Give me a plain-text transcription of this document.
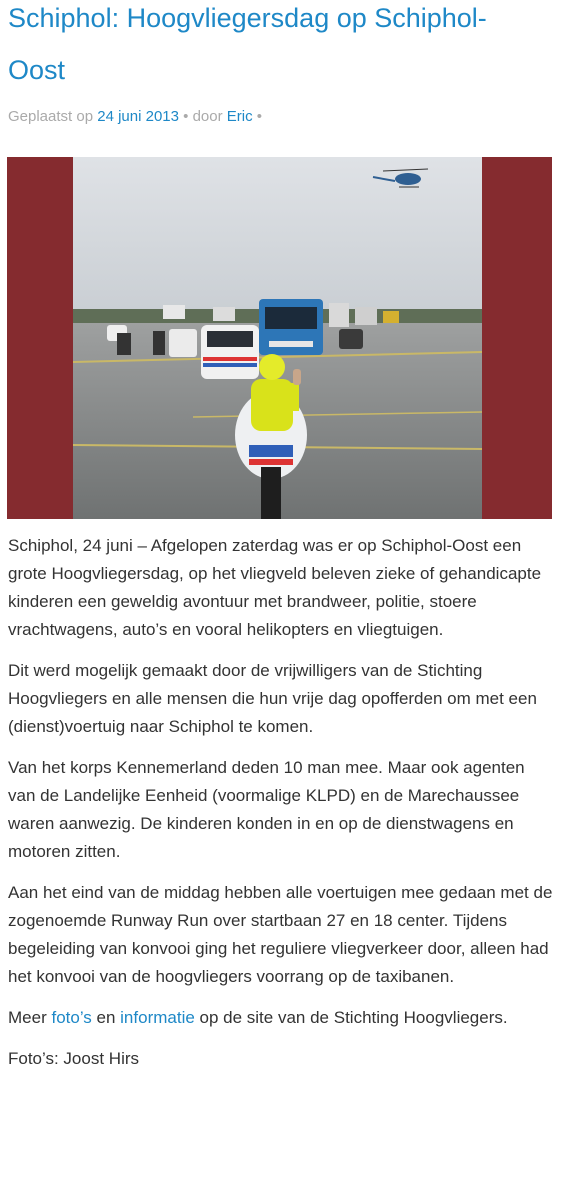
Schiphol: Hoogvliegersdag op Schiphol-
Oost
Geplaatst op 24 juni 2013 • door Eric •

Schiphol, 24 juni – Afgelopen zaterdag was er op Schiphol-Oost een grote Hoogvliegersdag, op het vliegveld beleven zieke of gehandicapte kinderen een geweldig avontuur met brandweer, politie, stoere vrachtwagens, auto’s en vooral helikopters en vliegtuigen.

Dit werd mogelijk gemaakt door de vrijwilligers van de Stichting Hoogvliegers en alle mensen die hun vrije dag opofferden om met een (dienst)voertuig naar Schiphol te komen.

Van het korps Kennemerland deden 10 man mee. Maar ook agenten van de Landelijke Eenheid (voormalige KLPD) en de Marechaussee waren aanwezig. De kinderen konden in en op de dienstwagens en motoren zitten.

Aan het eind van de middag hebben alle voertuigen mee gedaan met de zogenoemde Runway Run over startbaan 27 en 18 center. Tijdens begeleiding van konvooi ging het reguliere vliegverkeer door, alleen had het konvooi van de hoogvliegers voorrang op de taxibanen.

Meer foto’s en informatie op de site van de Stichting Hoogvliegers.

Foto’s: Joost Hirs
